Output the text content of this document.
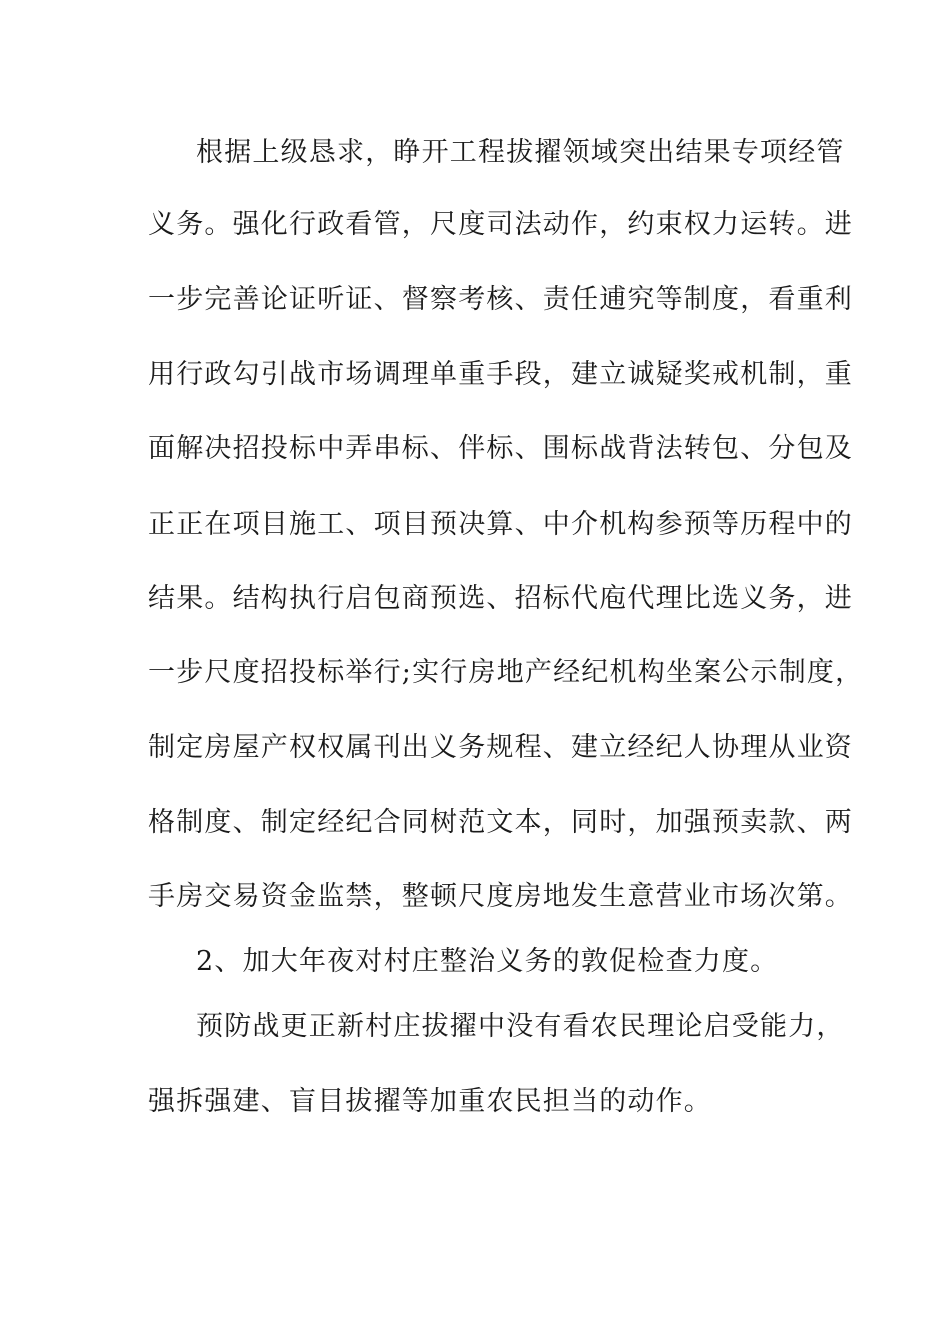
根据上级恳求，睁开工程拔擢领域突出结果专项经管
义务。强化行政看管，尺度司法动作，约束权力运转。进
一步完善论证听证、督察考核、责任逋究等制度，看重利
用行政勾引战市场调理单重手段，建立诚疑奖戒机制，重
面解决招投标中弄串标、伴标、围标战背法转包、分包及
正正在项目施工、项目预决算、中介机构参预等历程中的
结果。结构执行启包商预选、招标代庖代理比选义务，进
一步尺度招投标举行;实行房地产经纪机构坐案公示制度，
制定房屋产权权属刊出义务规程、建立经纪人协理从业资
格制度、制定经纪合同树范文本，同时，加强预卖款、两
手房交易资金监禁，整顿尺度房地发生意营业市场次第。
2、加大年夜对村庄整治义务的敦促检查力度。
预防战更正新村庄拔擢中没有看农民理论启受能力，
强拆强建、盲目拔擢等加重农民担当的动作。
